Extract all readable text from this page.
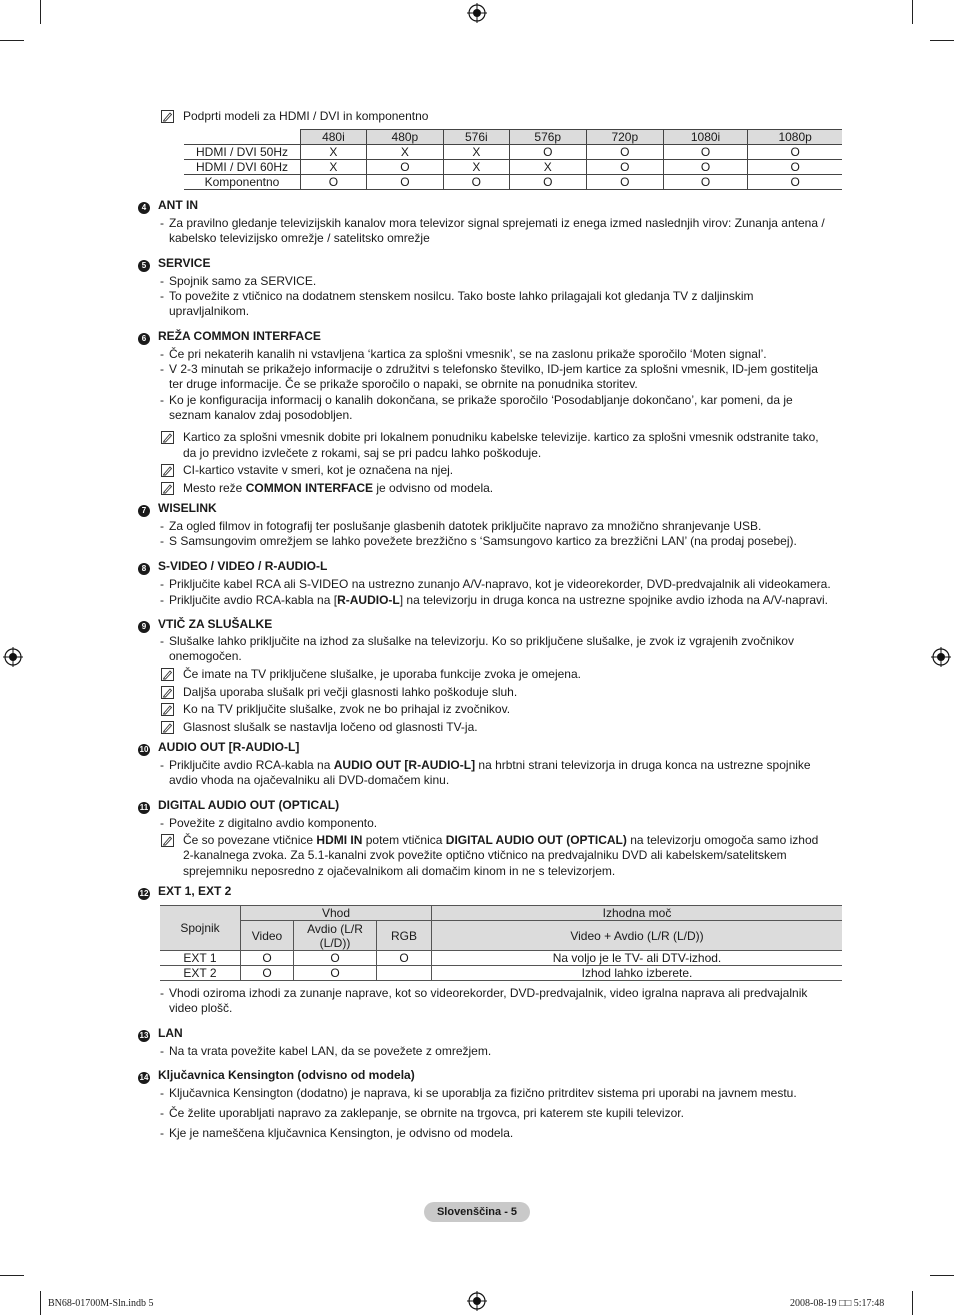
Podprti modeli za HDMI / DVI in komponentno
	480i	480p	576i	576p	720p	1080i	1080p
HDMI / DVI 50Hz	X	X	X	O	O	O	O
HDMI / DVI 60Hz	X	O	X	X	O	O	O
Komponentno	O	O	O	O	O	O	O
4 ANT IN
- Za pravilno gledanje televizijskih kanalov mora televizor signal sprejemati iz enega izmed naslednjih virov: Zunanja antena /
kabelsko televizijsko omrežje / satelitsko omrežje
5 SERVICE
- Spojnik samo za SERVICE.
- To povežite z vtičnico na dodatnem stenskem nosilcu. Tako boste lahko prilagajali kot gledanja TV z daljinskim
upravljalnikom.
6 REŽA COMMON INTERFACE
- Če pri nekaterih kanalih ni vstavljena ‘kartica za splošni vmesnik’, se na zaslonu prikaže sporočilo ‘Moten signal’.
- V 2-3 minutah se prikažejo informacije o združitvi s telefonsko številko, ID-jem kartice za splošni vmesnik, ID-jem gostitelja
ter druge informacije. Če se prikaže sporočilo o napaki, se obrnite na ponudnika storitev.
- Ko je konfiguracija informacij o kanalih dokončana, se prikaže sporočilo ‘Posodabljanje dokončano’, kar pomeni, da je
seznam kanalov zdaj posodobljen.
Kartico za splošni vmesnik dobite pri lokalnem ponudniku kabelske televizije. kartico za splošni vmesnik odstranite tako,
da jo previdno izvlečete z rokami, saj se pri padcu lahko poškoduje.
CI-kartico vstavite v smeri, kot je označena na njej.
Mesto reže COMMON INTERFACE je odvisno od modela.
7 WISELINK
- Za ogled filmov in fotografij ter poslušanje glasbenih datotek priključite napravo za množično shranjevanje USB.
- S Samsungovim omrežjem se lahko povežete brezžično s ‘Samsungovo kartico za brezžični LAN’ (na prodaj posebej).
8 S-VIDEO / VIDEO / R-AUDIO-L
- Priključite kabel RCA ali S-VIDEO na ustrezno zunanjo A/V-napravo, kot je videorekorder, DVD-predvajalnik ali videokamera.
- Priključite avdio RCA-kabla na [R-AUDIO-L] na televizorju in druga konca na ustrezne spojnike avdio izhoda na A/V-napravi.
9 VTIČ ZA SLUŠALKE
- Slušalke lahko priključite na izhod za slušalke na televizorju. Ko so priključene slušalke, je zvok iz vgrajenih zvočnikov
onemogočen.
Če imate na TV priključene slušalke, je uporaba funkcije zvoka je omejena.
Daljša uporaba slušalk pri večji glasnosti lahko poškoduje sluh.
Ko na TV priključite slušalke, zvok ne bo prihajal iz zvočnikov.
Glasnost slušalk se nastavlja ločeno od glasnosti TV-ja.
10 AUDIO OUT [R-AUDIO-L]
- Priključite avdio RCA-kabla na AUDIO OUT [R-AUDIO-L] na hrbtni strani televizorja in druga konca na ustrezne spojnike
avdio vhoda na ojačevalniku ali DVD-domačem kinu.
11 DIGITAL AUDIO OUT (OPTICAL)
- Povežite z digitalno avdio komponento.
Če so povezane vtičnice HDMI IN potem vtičnica DIGITAL AUDIO OUT (OPTICAL) na televizorju omogoča samo izhod
2-kanalnega zvoka. Za 5.1-kanalni zvok povežite optično vtičnico na predvajalniku DVD ali kabelskem/satelitskem
sprejemniku neposredno z ojačevalnikom ali domačim kinom in ne s televizorjem.
12 EXT 1, EXT 2
Spojnik	Vhod			Izhodna moč
	Video	Avdio (L/R (L/D))	RGB	Video + Avdio (L/R (L/D))
EXT 1	O	O	O	Na voljo je le TV- ali DTV-izhod.
EXT 2	O	O		Izhod lahko izberete.
- Vhodi oziroma izhodi za zunanje naprave, kot so videorekorder, DVD-predvajalnik, video igralna naprava ali predvajalnik
video plošč.
13 LAN
- Na ta vrata povežite kabel LAN, da se povežete z omrežjem.
14 Ključavnica Kensington (odvisno od modela)
- Ključavnica Kensington (dodatno) je naprava, ki se uporablja za fizično pritrditev sistema pri uporabi na javnem mestu.
- Če želite uporabljati napravo za zaklepanje, se obrnite na trgovca, pri katerem ste kupili televizor.
- Kje je nameščena ključavnica Kensington, je odvisno od modela.
Slovenščina - 5
BN68-01700M-Sln.indb 5	2008-08-19 □□ 5:17:48
